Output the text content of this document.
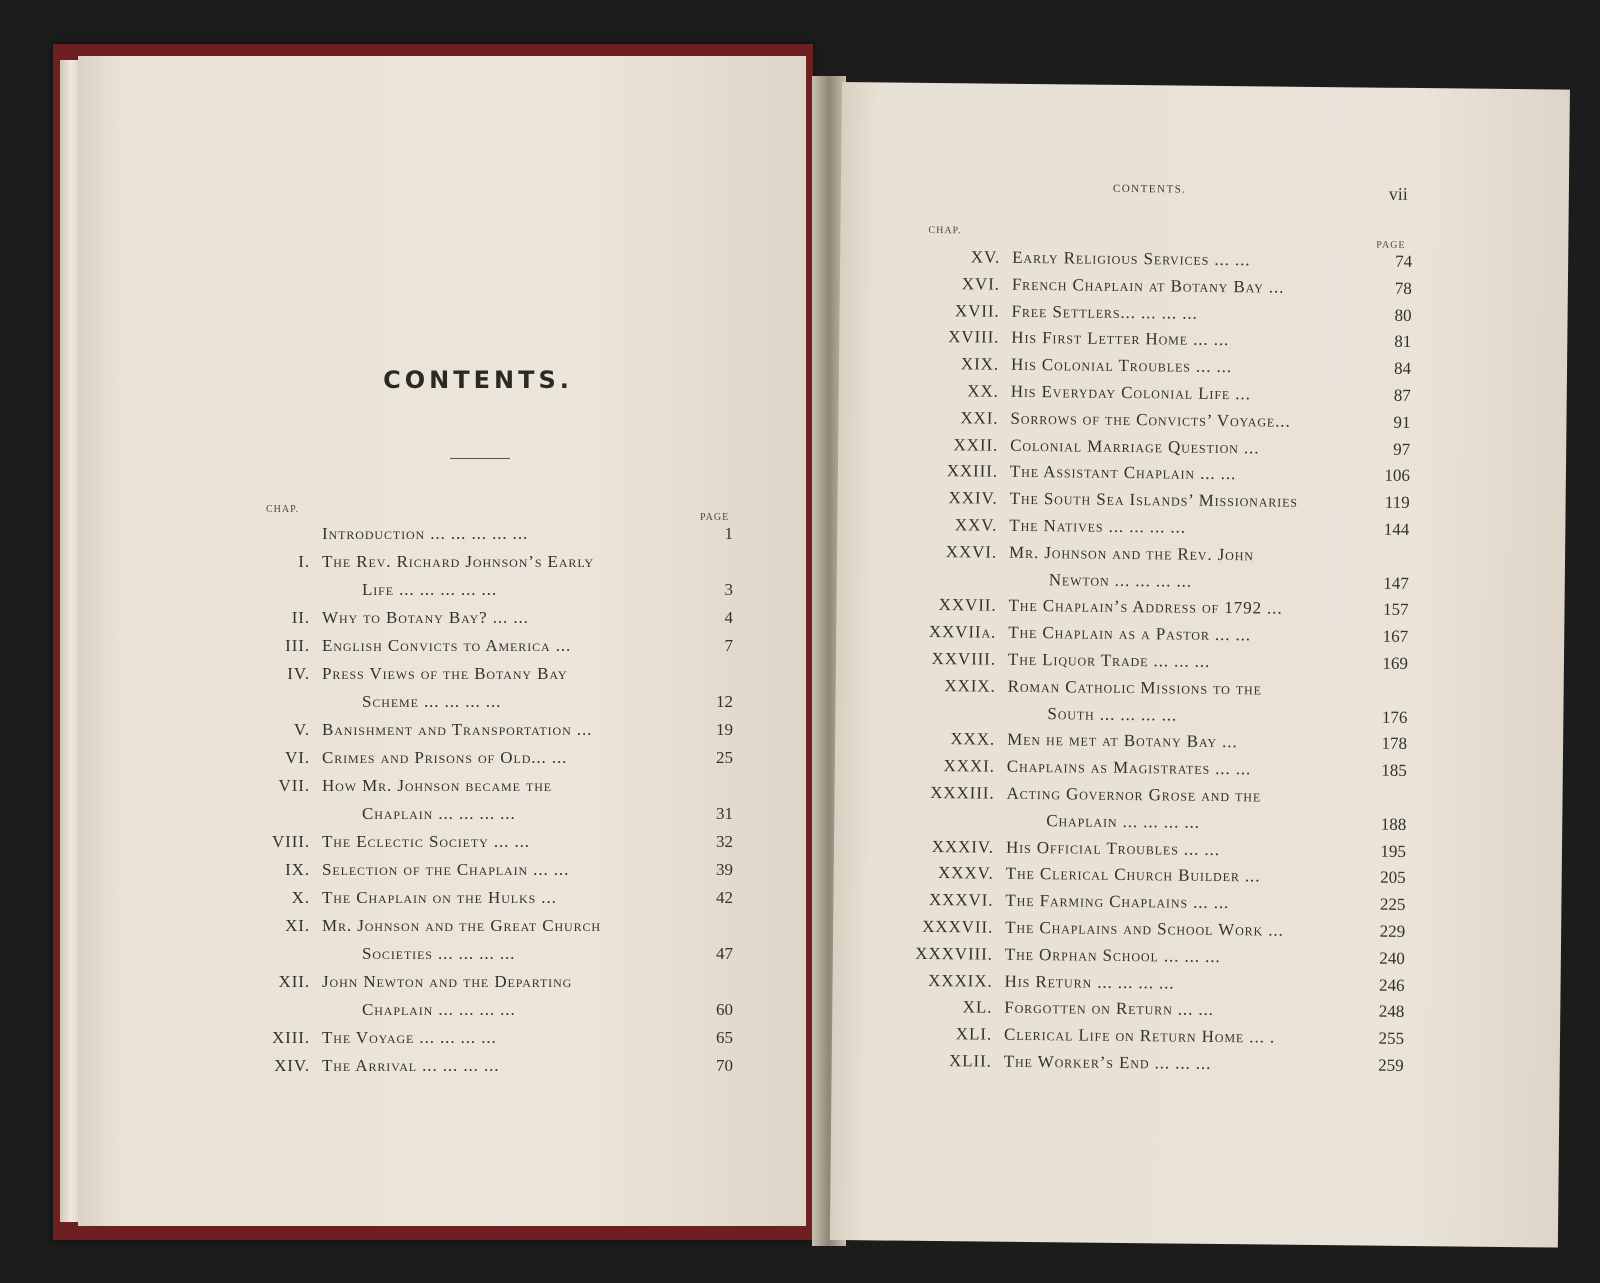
CONTENTS.
CHAP.
PAGE
Introduction ... ... ... ... ...	1
I. The Rev. Richard Johnson’s Early
Life ... ... ... ... ...	3
II. Why to Botany Bay? ... ...	4
III. English Convicts to America ...	7
IV. Press Views of the Botany Bay
Scheme ... ... ... ...	12
V. Banishment and Transportation ...	19
VI. Crimes and Prisons of Old... ...	25
VII. How Mr. Johnson became the
Chaplain ... ... ... ...	31
VIII. The Eclectic Society ... ...	32
IX. Selection of the Chaplain ... ...	39
X. The Chaplain on the Hulks ...	42
XI. Mr. Johnson and the Great Church
Societies ... ... ... ...	47
XII. John Newton and the Departing
Chaplain ... ... ... ...	60
XIII. The Voyage ... ... ... ...	65
XIV. The Arrival ... ... ... ...	70
CONTENTS.	vii
CHAP.
PAGE
XV. Early Religious Services ... ...	74
XVI. French Chaplain at Botany Bay ...	78
XVII. Free Settlers... ... ... ...	80
XVIII. His First Letter Home ... ...	81
XIX. His Colonial Troubles ... ...	84
XX. His Everyday Colonial Life ...	87
XXI. Sorrows of the Convicts’ Voyage...	91
XXII. Colonial Marriage Question ...	97
XXIII. The Assistant Chaplain ... ...	106
XXIV. The South Sea Islands’ Missionaries	119
XXV. The Natives ... ... ... ...	144
XXVI. Mr. Johnson and the Rev. John
Newton ... ... ... ...	147
XXVII. The Chaplain’s Address of 1792 ...	157
XXVIIa. The Chaplain as a Pastor ... ...	167
XXVIII. The Liquor Trade ... ... ...	169
XXIX. Roman Catholic Missions to the
South ... ... ... ...	176
XXX. Men he met at Botany Bay ...	178
XXXI. Chaplains as Magistrates ... ...	185
XXXIII. Acting Governor Grose and the
Chaplain ... ... ... ...	188
XXXIV. His Official Troubles ... ...	195
XXXV. The Clerical Church Builder ...	205
XXXVI. The Farming Chaplains ... ...	225
XXXVII. The Chaplains and School Work ...	229
XXXVIII. The Orphan School ... ... ...	240
XXXIX. His Return ... ... ... ...	246
XL. Forgotten on Return ... ...	248
XLI. Clerical Life on Return Home ... .	255
XLII. The Worker’s End ... ... ...	259
